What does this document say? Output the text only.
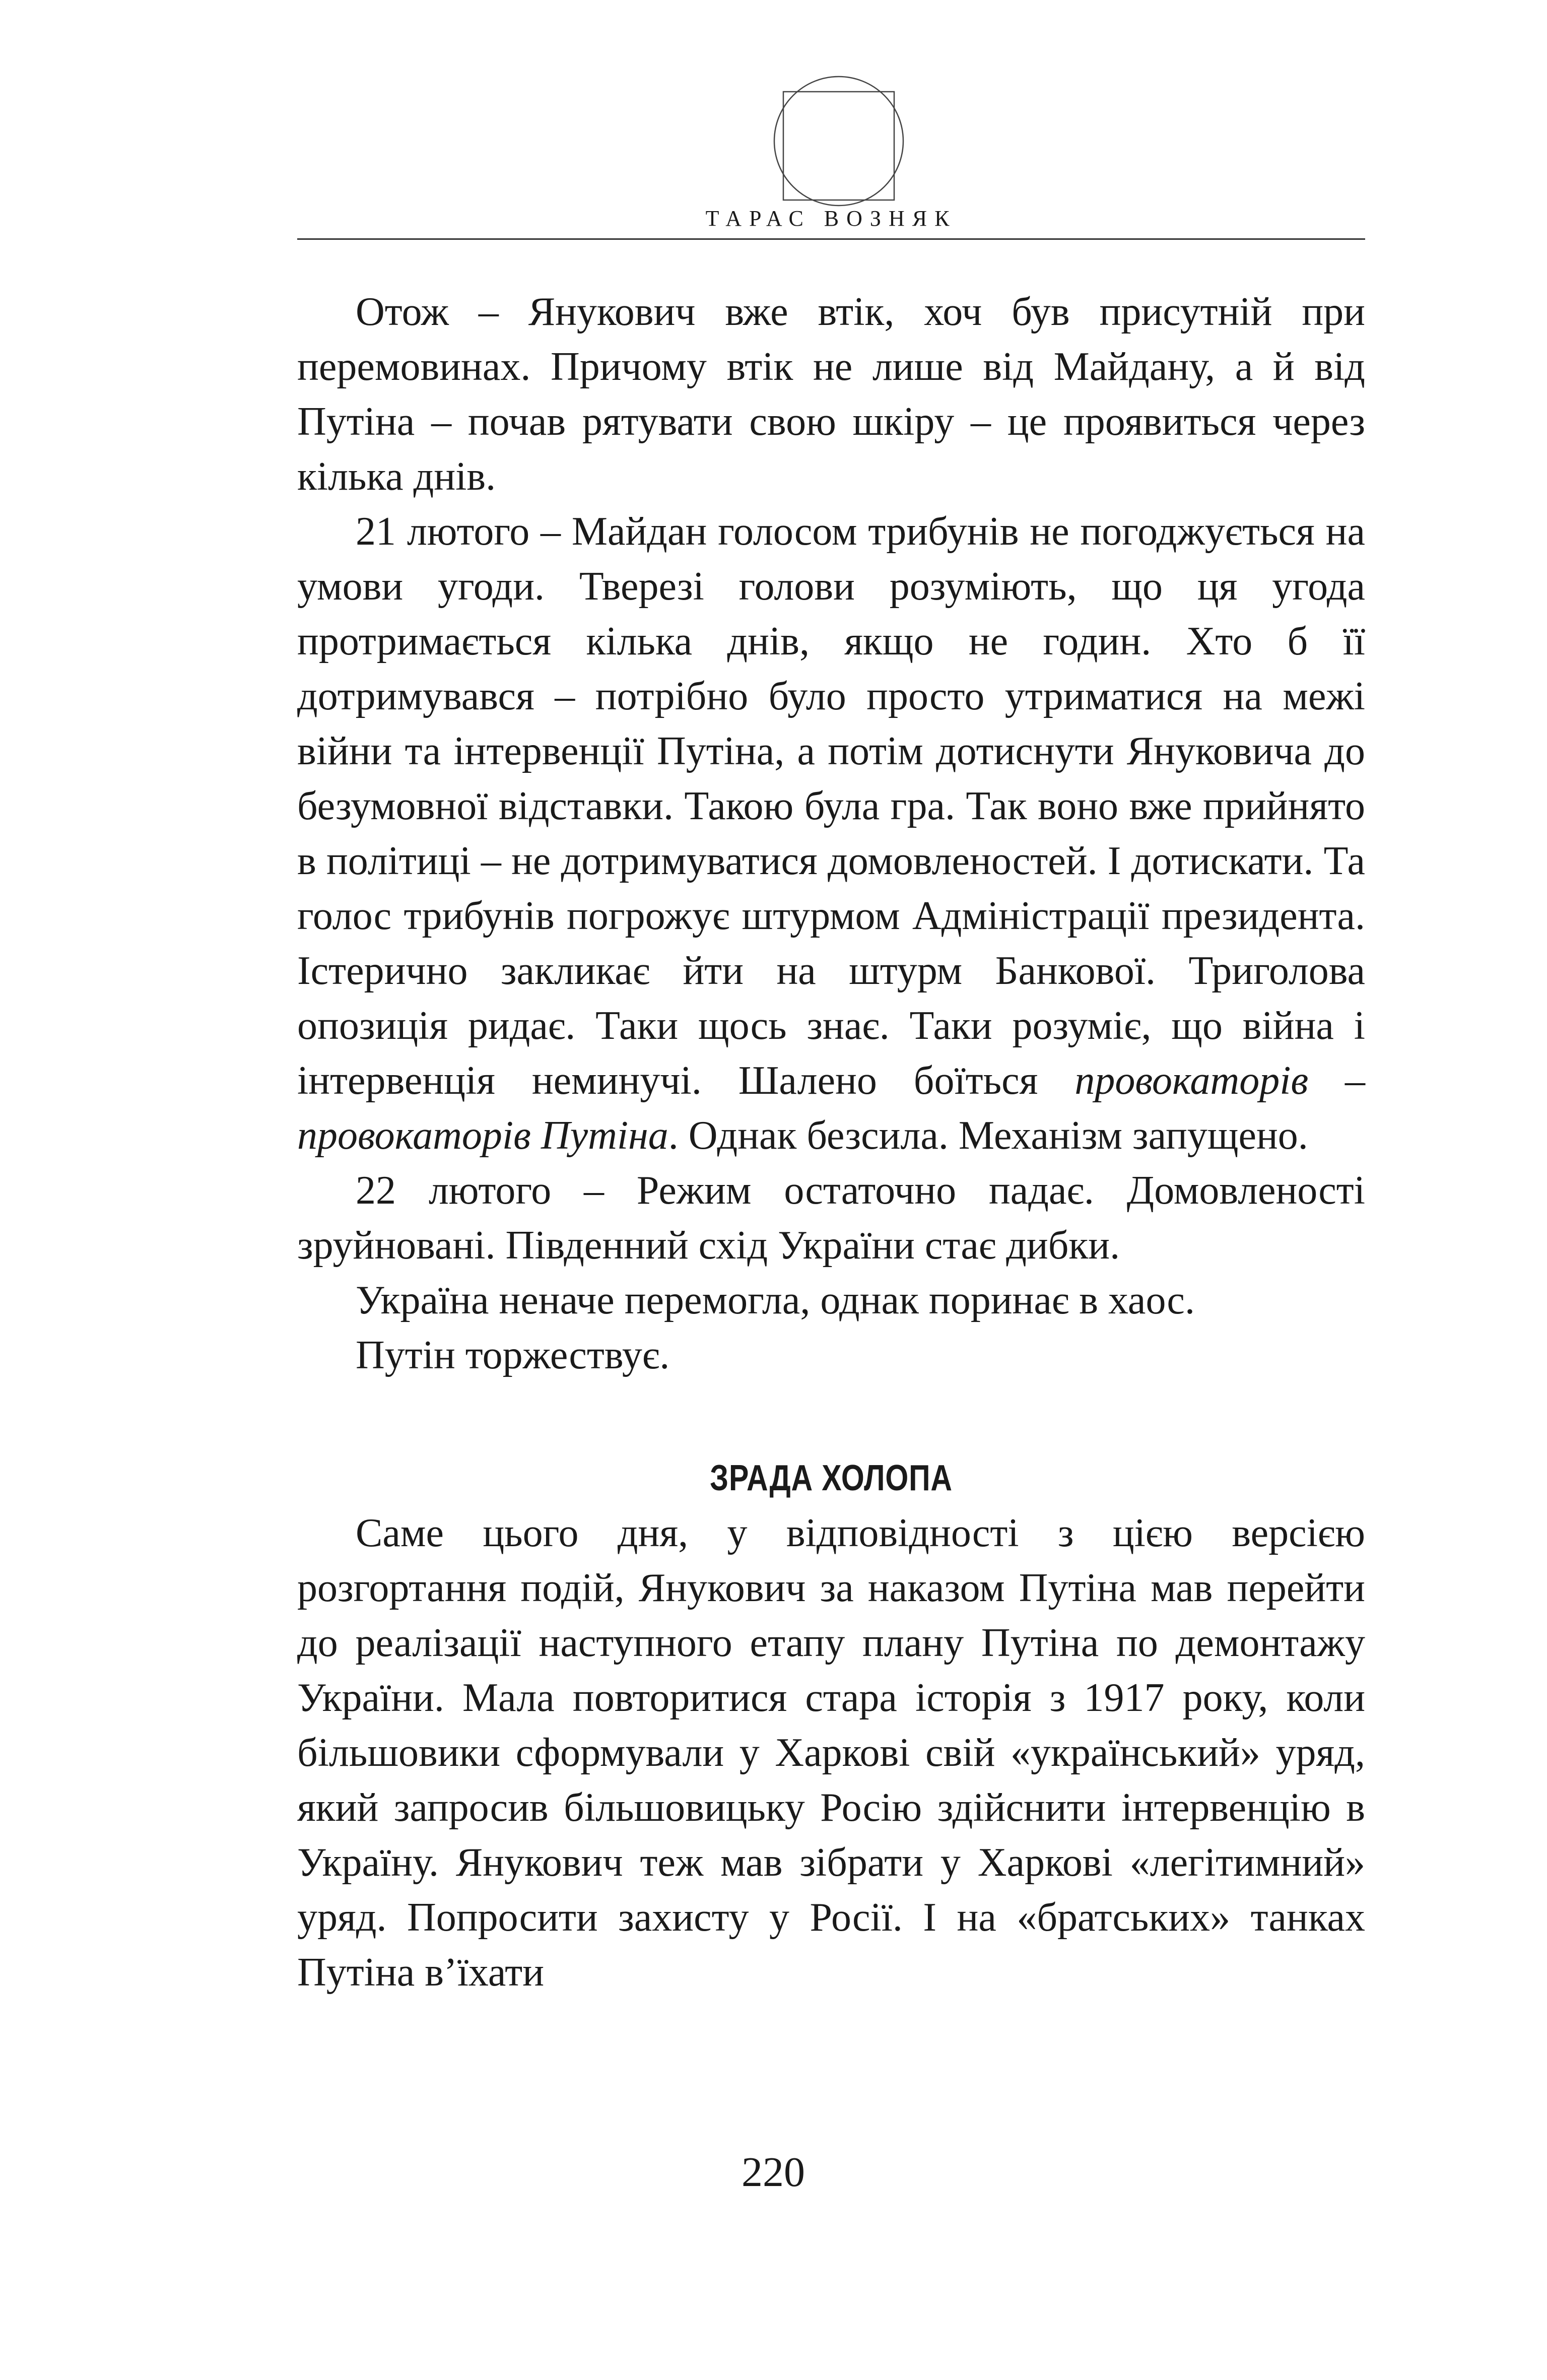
ТАРАС ВОЗНЯК

Отож – Янукович вже втік, хоч був присутній при перемовинах. Причому втік не лише від Майдану, а й від Путіна – почав рятувати свою шкіру – це проявиться через кілька днів.

21 лютого – Майдан голосом трибунів не погоджується на умови угоди. Тверезі голови розуміють, що ця угода протримається кілька днів, якщо не годин. Хто б її дотримувався – потрібно було просто утриматися на межі війни та інтервенції Путіна, а потім дотиснути Януковича до безумовної відставки. Такою була гра. Так воно вже прийнято в політиці – не дотримуватися домовленостей. І дотискати. Та голос трибунів погрожує штурмом Адміністрації президента. Істерично закликає йти на штурм Банкової. Триголова опозиція ридає. Таки щось знає. Таки розуміє, що війна і інтервенція неминучі. Шалено боїться провокаторів – провокаторів Путіна. Однак безсила. Механізм запущено.

22 лютого – Режим остаточно падає. Домовленості зруйновані. Південний схід України стає дибки.

Україна неначе перемогла, однак поринає в хаос.

Путін торжествує.

ЗРАДА ХОЛОПА

Саме цього дня, у відповідності з цією версією розгортання подій, Янукович за наказом Путіна мав перейти до реалізації наступного етапу плану Путіна по демонтажу України. Мала повторитися стара історія з 1917 року, коли більшовики сформували у Харкові свій «український» уряд, який запросив більшовицьку Росію здійснити інтервенцію в Україну. Янукович теж мав зібрати у Харкові «легітимний» уряд. Попросити захисту у Росії. І на «братських» танках Путіна в’їхати

220
